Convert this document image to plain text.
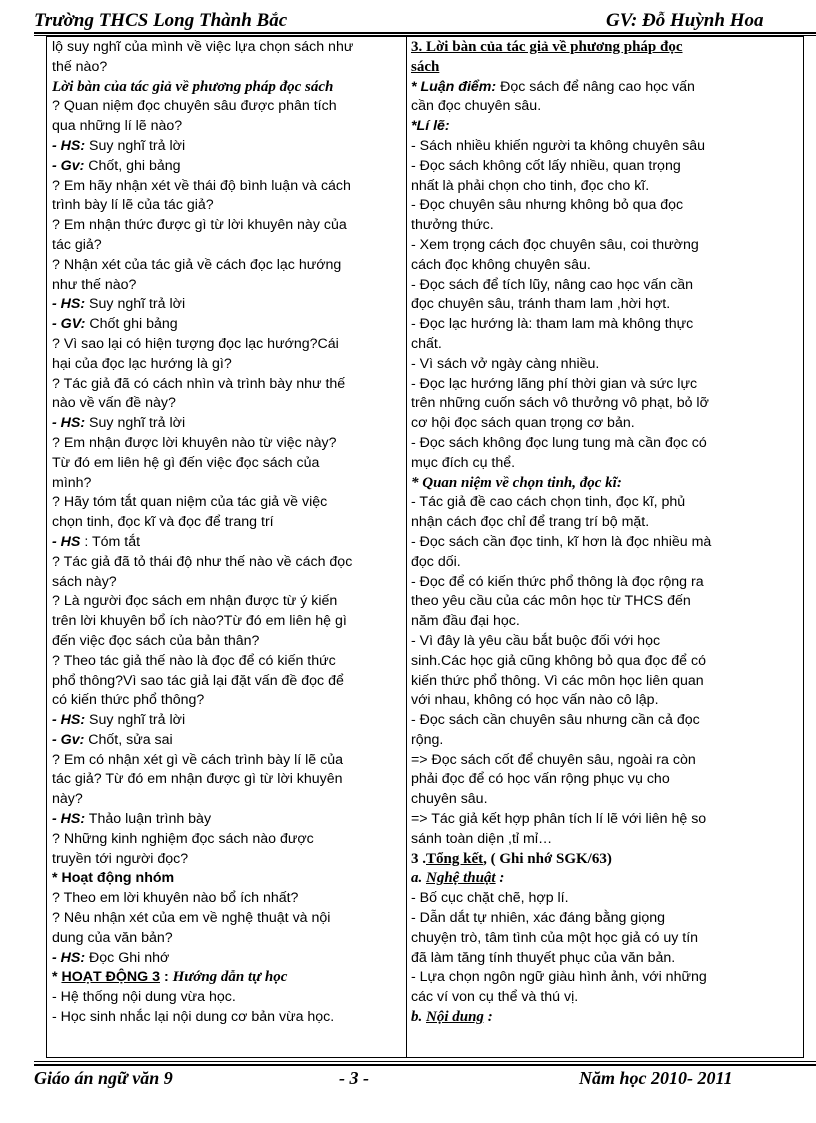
Trường THCS Long Thành Bắc	GV: Đỗ Huỳnh Hoa
lộ suy nghĩ của mình về việc lựa chọn sách như
thế nào?
Lời bàn của tác giả về phương pháp đọc sách
? Quan niệm đọc chuyên sâu được phân tích
qua những lí lẽ nào?
- HS: Suy nghĩ trả lời
- Gv: Chốt, ghi bảng
? Em hãy nhận xét về thái độ bình luận và cách
trình bày lí lẽ của tác giả?
? Em nhận thức được gì từ lời khuyên này của
tác giả?
? Nhận xét của tác giả về cách đọc lạc hướng
như thế nào?
- HS: Suy nghĩ trả lời
- GV: Chốt ghi bảng
? Vì sao lại có hiện tượng đọc lạc hướng?Cái
hại của đọc lạc hướng là gì?
? Tác giả đã có cách nhìn và trình bày như thế
nào về vấn đề này?
- HS: Suy nghĩ trả lời
? Em nhận được lời khuyên nào từ việc này?
Từ đó em liên hệ gì đến việc đọc sách của
mình?
? Hãy tóm tắt quan niệm của tác giả về việc
chọn tinh, đọc kĩ và đọc để trang trí
- HS : Tóm tắt
? Tác giả đã tỏ thái độ như thế nào về cách đọc
sách này?
? Là người đọc sách em nhận được từ ý kiến
trên lời khuyên bổ ích nào?Từ đó em liên hệ gì
đến việc đọc sách của bản thân?
? Theo tác giả thế nào là đọc để có kiến thức
phổ thông?Vì sao tác giả lại đặt vấn đề đọc để
có kiến thức phổ thông?
- HS: Suy nghĩ trả lời
- Gv: Chốt, sửa sai
? Em có nhận xét gì về cách trình bày lí lẽ của
tác giả? Từ đó em nhận được gì từ lời khuyên
này?
- HS: Thảo luận trình bày
? Những kinh nghiệm đọc sách nào được
truyền tới người đọc?
* Hoạt động nhóm
? Theo em lời khuyên nào bổ ích nhất?
? Nêu nhận xét của em về nghệ thuật và nội
dung của văn bản?
- HS: Đọc Ghi nhớ
* HOẠT ĐỘNG 3 : Hướng dẫn tự học
- Hệ thống nội dung vừa học.
- Học sinh nhắc lại nội dung cơ bản vừa học.
3. Lời bàn của tác giả về phương pháp đọc
sách
* Luận điểm: Đọc sách để nâng cao học vấn
cần đọc chuyên sâu.
*Lí lẽ:
- Sách nhiều khiến người ta không chuyên sâu
- Đọc sách không cốt lấy nhiều, quan trọng
nhất là phải chọn cho tinh, đọc cho kĩ.
- Đọc chuyên sâu nhưng không bỏ qua đọc
thưởng thức.
- Xem trọng cách đọc chuyên sâu, coi thường
cách đọc không chuyên sâu.
- Đọc sách để tích lũy, nâng cao học vấn cần
đọc chuyên sâu, tránh tham lam ,hời hợt.
- Đọc lạc hướng là: tham lam mà không thực
chất.
- Vì sách vở ngày càng nhiều.
- Đọc lạc hướng lãng phí thời gian và sức lực
trên những cuốn sách vô thưởng vô phạt, bỏ lỡ
cơ hội đọc sách quan trọng cơ bản.
- Đọc sách không đọc lung tung mà cần đọc có
mục đích cụ thể.
* Quan niệm về chọn tinh, đọc kĩ:
- Tác giả đề cao cách chọn tinh, đọc kĩ, phủ
nhận cách đọc chỉ để trang trí bộ mặt.
- Đọc sách cần đọc tinh, kĩ hơn là đọc nhiều mà
đọc dối.
- Đọc để có kiến thức phổ thông là đọc rộng ra
theo yêu cầu của các môn học từ THCS đến
năm đầu đại học.
- Vì đây là yêu cầu bắt buộc đối với học
sinh.Các học giả cũng không bỏ qua đọc để có
kiến thức phổ thông. Vì các môn học liên quan
với nhau, không có học vấn nào cô lập.
- Đọc sách cần chuyên sâu nhưng cần cả đọc
rộng.
=> Đọc sách cốt để chuyên sâu, ngoài ra còn
phải đọc để có học vấn rộng phục vụ cho
chuyên sâu.
=> Tác giả kết hợp phân tích lí lẽ với liên hệ so
sánh toàn diện ,tỉ mỉ…
3 .Tổng kết, ( Ghi nhớ SGK/63)
a. Nghệ thuật :
- Bố cục chặt chẽ, hợp lí.
- Dẫn dắt tự nhiên, xác đáng bằng giọng
chuyện trò, tâm tình của một học giả có uy tín
đã làm tăng tính thuyết phục của văn bản.
- Lựa chọn ngôn ngữ giàu hình ảnh, với những
các ví von cụ thể và thú vị.
b. Nội dung :
Giáo án ngữ văn 9	- 3 -	Năm học 2010- 2011
